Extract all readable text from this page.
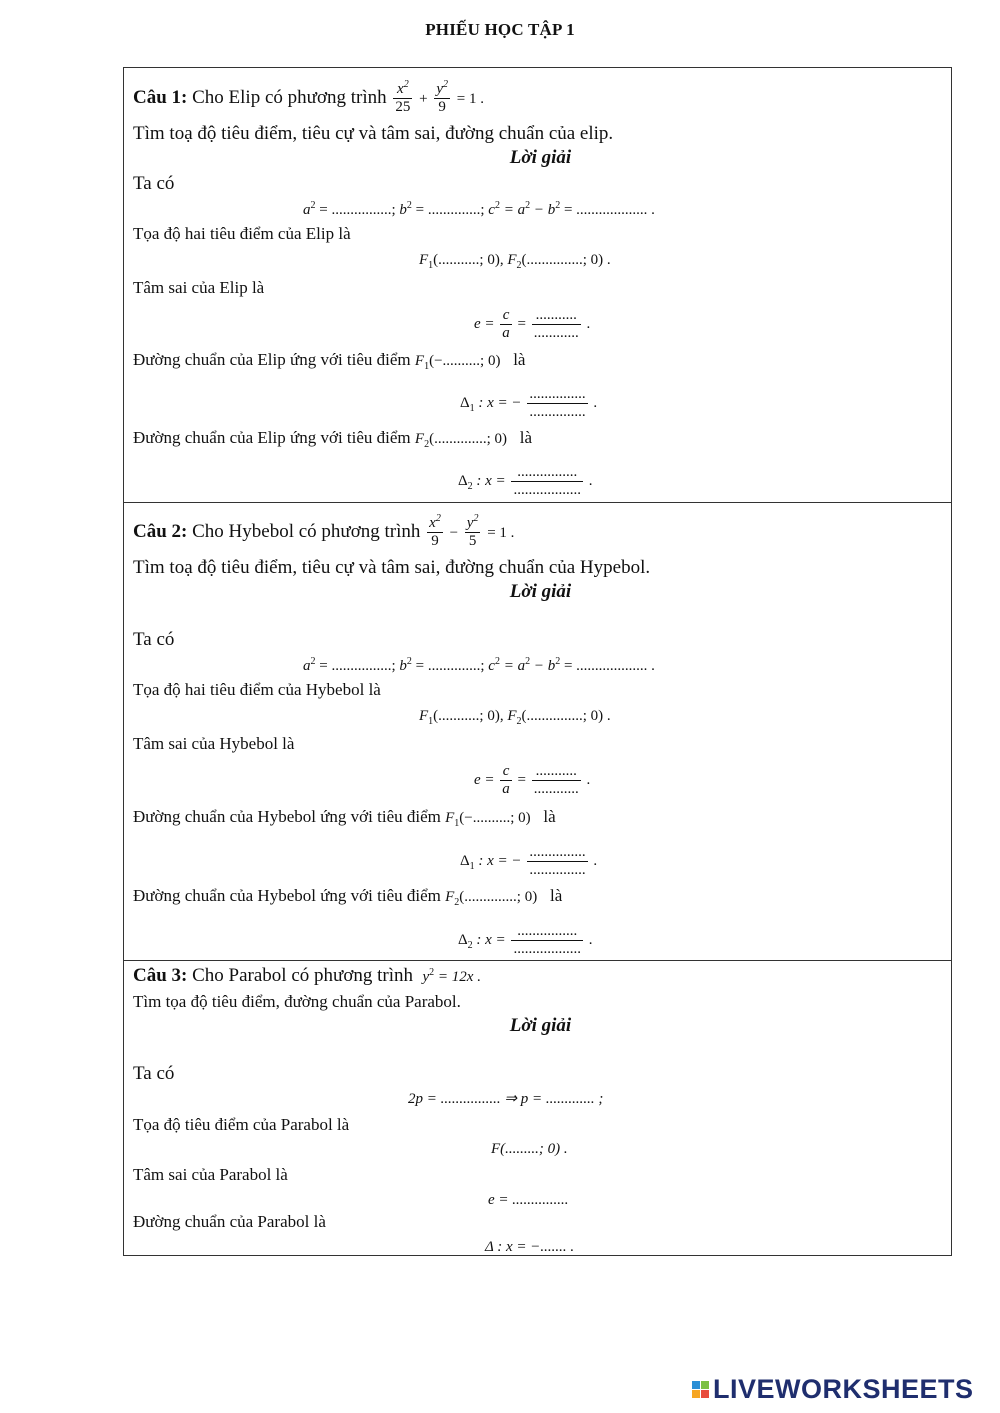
PHIẾU HỌC TẬP 1
Câu 1: Cho Elip có phương trình $\frac{x^2}{25} + \frac{y^2}{9} = 1$ .
Tìm toạ độ tiêu điểm, tiêu cự và tâm sai, đường chuẩn của elip.
Lời giải
Ta có
$a^2$ = ................; $b^2$ = ..............; $c^2 = a^2 - b^2$ = ................... .
Tọa độ hai tiêu điểm của Elip là
$F_1$(...........; 0), $F_2$(...............; 0) .
Tâm sai của Elip là
$e = \frac{c}{a} = \frac{...........}{............}$ .
Đường chuẩn của Elip ứng với tiêu điểm $F_1(-$..........; 0) là
$\Delta_1$ : x = − $\frac{...............}{...............}$ .
Đường chuẩn của Elip ứng với tiêu điểm $F_2$(..............; 0) là
$\Delta_2$ : $x = \frac{................}{..................}$ .
Câu 2: Cho Hybebol có phương trình $\frac{x^2}{9} - \frac{y^2}{5} = 1$ .
Tìm toạ độ tiêu điểm, tiêu cự và tâm sai, đường chuẩn của Hypebol.
Lời giải
Ta có
$a^2$ = ................; $b^2$ = ..............; $c^2 = a^2 - b^2$ = ................... .
Tọa độ hai tiêu điểm của Hybebol là
$F_1$(...........; 0), $F_2$(...............; 0) .
Tâm sai của Hybebol là
$e = \frac{c}{a} = \frac{...........}{............}$ .
Đường chuẩn của Hybebol ứng với tiêu điểm $F_1(-$..........; 0) là
$\Delta_1$ : x = − $\frac{...............}{...............}$ .
Đường chuẩn của Hybebol ứng với tiêu điểm $F_2$(..............; 0) là
$\Delta_2$ : $x = \frac{................}{..................}$ .
Câu 3: Cho Parabol có phương trình $y^2 = 12x$ .
Tìm tọa độ tiêu điểm, đường chuẩn của Parabol.
Lời giải
Ta có
2p = ................ ⇒ p = ............. ;
Tọa độ tiêu điểm của Parabol là
F(.........; 0) .
Tâm sai của Parabol là
e = ...............
Đường chuẩn của Parabol là
Δ : x = −....... .
LIVEWORKSHEETS
